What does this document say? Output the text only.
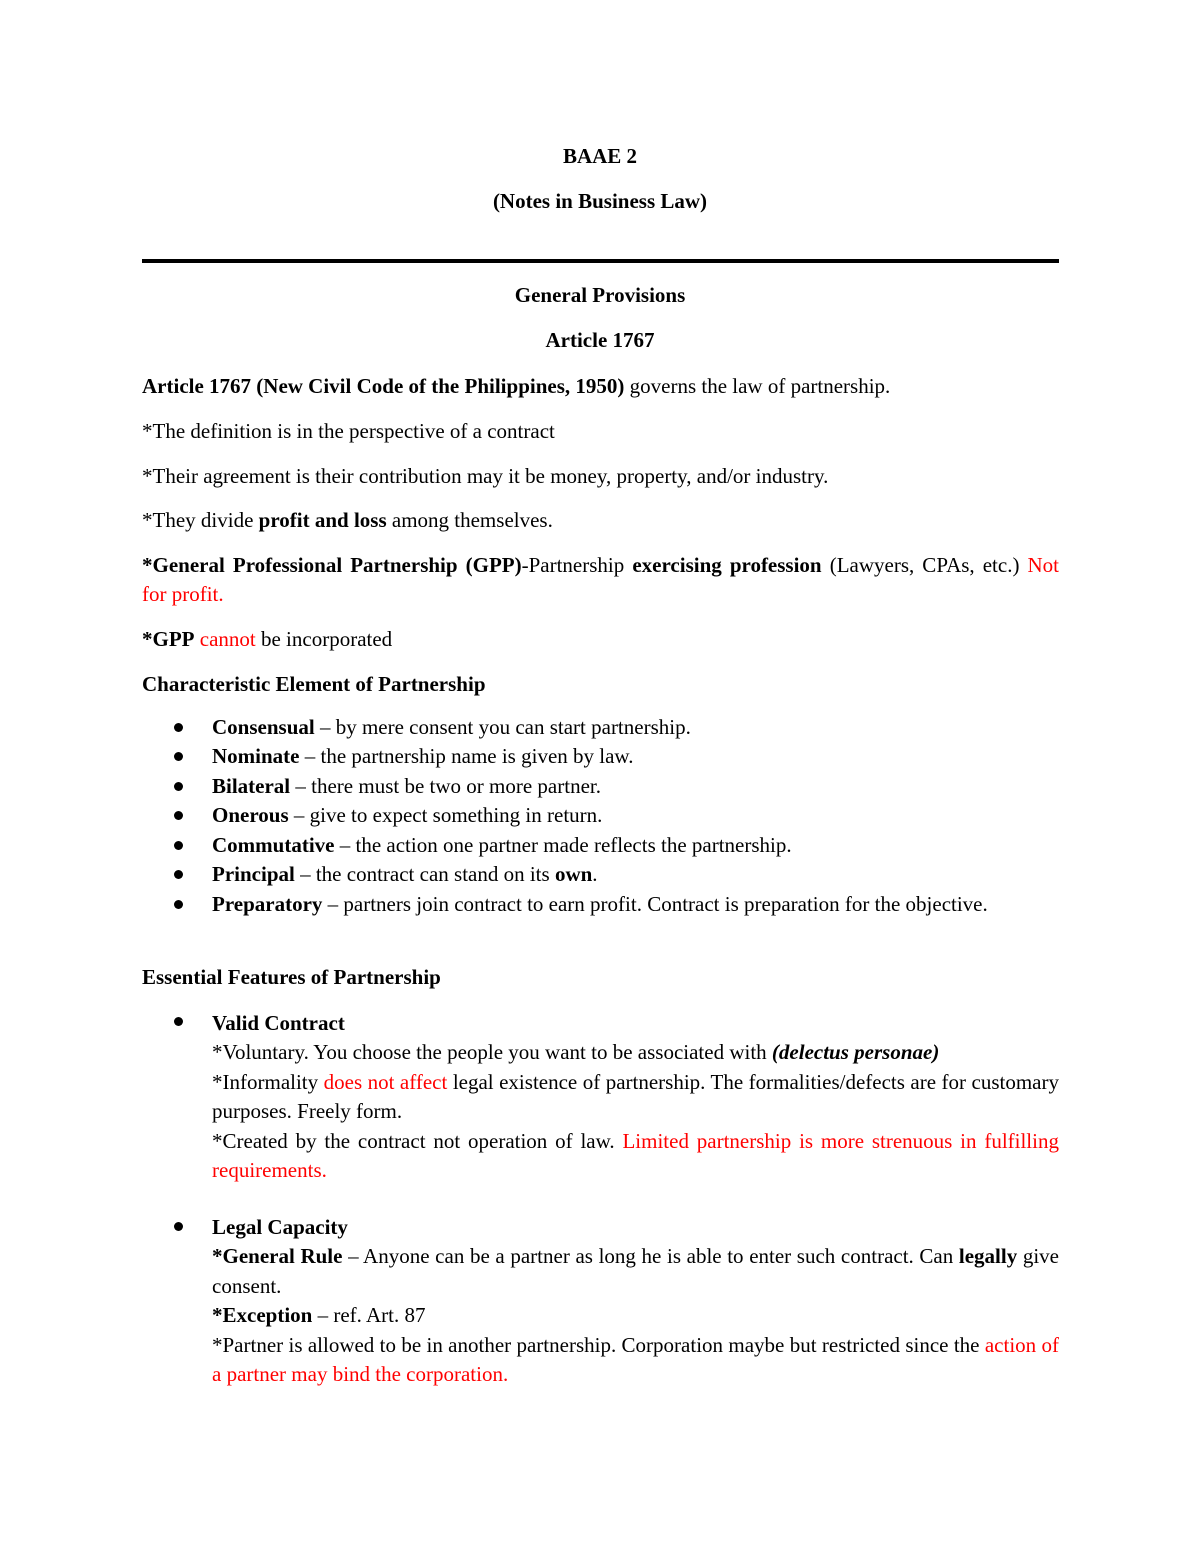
BAAE 2
(Notes in Business Law)
General Provisions
Article 1767
Article 1767 (New Civil Code of the Philippines, 1950) governs the law of partnership.
*The definition is in the perspective of a contract
*Their agreement is their contribution may it be money, property, and/or industry.
*They divide profit and loss among themselves.
*General Professional Partnership (GPP)-Partnership exercising profession (Lawyers, CPAs, etc.) Not for profit.
*GPP cannot be incorporated
Characteristic Element of Partnership
Consensual – by mere consent you can start partnership.
Nominate – the partnership name is given by law.
Bilateral – there must be two or more partner.
Onerous – give to expect something in return.
Commutative – the action one partner made reflects the partnership.
Principal – the contract can stand on its own.
Preparatory – partners join contract to earn profit. Contract is preparation for the objective.
Essential Features of Partnership
Valid Contract
*Voluntary. You choose the people you want to be associated with (delectus personae)
*Informality does not affect legal existence of partnership. The formalities/defects are for customary purposes. Freely form.
*Created by the contract not operation of law. Limited partnership is more strenuous in fulfilling requirements.
Legal Capacity
*General Rule – Anyone can be a partner as long he is able to enter such contract. Can legally give consent.
*Exception – ref. Art. 87
*Partner is allowed to be in another partnership. Corporation maybe but restricted since the action of a partner may bind the corporation.
